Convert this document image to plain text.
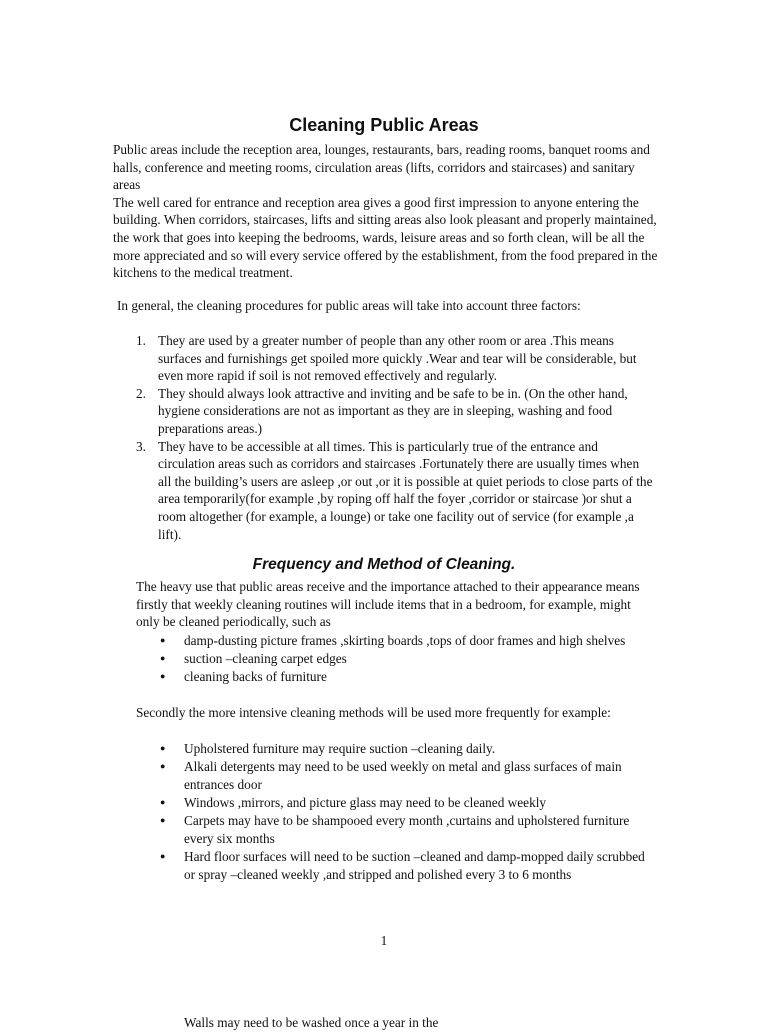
Cleaning Public Areas

Public areas include the reception area, lounges, restaurants, bars, reading rooms, banquet rooms and halls, conference and meeting rooms, circulation areas (lifts, corridors and staircases) and sanitary areas
The well cared for entrance and reception area gives a good first impression to anyone entering the building. When corridors, staircases, lifts and sitting areas also look pleasant and properly maintained, the work that goes into keeping the bedrooms, wards, leisure areas and so forth clean, will be all the more appreciated and so will every service offered by the establishment, from the food prepared in the kitchens to the medical treatment.

In general, the cleaning procedures for public areas will take into account three factors:

1. They are used by a greater number of people than any other room or area .This means surfaces and furnishings get spoiled more quickly .Wear and tear will be considerable, but even more rapid if soil is not removed effectively and regularly.
2. They should always look attractive and inviting and be safe to be in. (On the other hand, hygiene considerations are not as important as they are in sleeping, washing and food preparations areas.)
3. They have to be accessible at all times. This is particularly true of the entrance and circulation areas such as corridors and staircases .Fortunately there are usually times when all the building’s users are asleep ,or out ,or it is possible at quiet periods to close parts of the area temporarily(for example ,by roping off half the foyer ,corridor or staircase )or shut a room altogether (for example, a lounge) or take one facility out of service (for example ,a lift).
Frequency and Method of Cleaning.

The heavy use that public areas receive and the importance attached to their appearance means firstly that weekly cleaning routines will include items that in a bedroom, for example, might only be cleaned periodically, such as

● damp-dusting picture frames ,skirting boards ,tops of door frames and high shelves
● suction –cleaning carpet edges
● cleaning backs of furniture

Secondly the more intensive cleaning methods will be used more frequently for example:

● Upholstered furniture may require suction –cleaning daily.
● Alkali detergents may need to be used weekly on metal and glass surfaces of main entrances door
● Windows ,mirrors, and picture glass may need to be cleaned weekly
● Carpets may have to be shampooed every month ,curtains and upholstered furniture every six months
● Hard floor surfaces will need to be suction –cleaned and damp-mopped daily scrubbed or spray –cleaned weekly ,and stripped and polished every 3 to 6 months

1

Walls may need to be washed once a year in the
